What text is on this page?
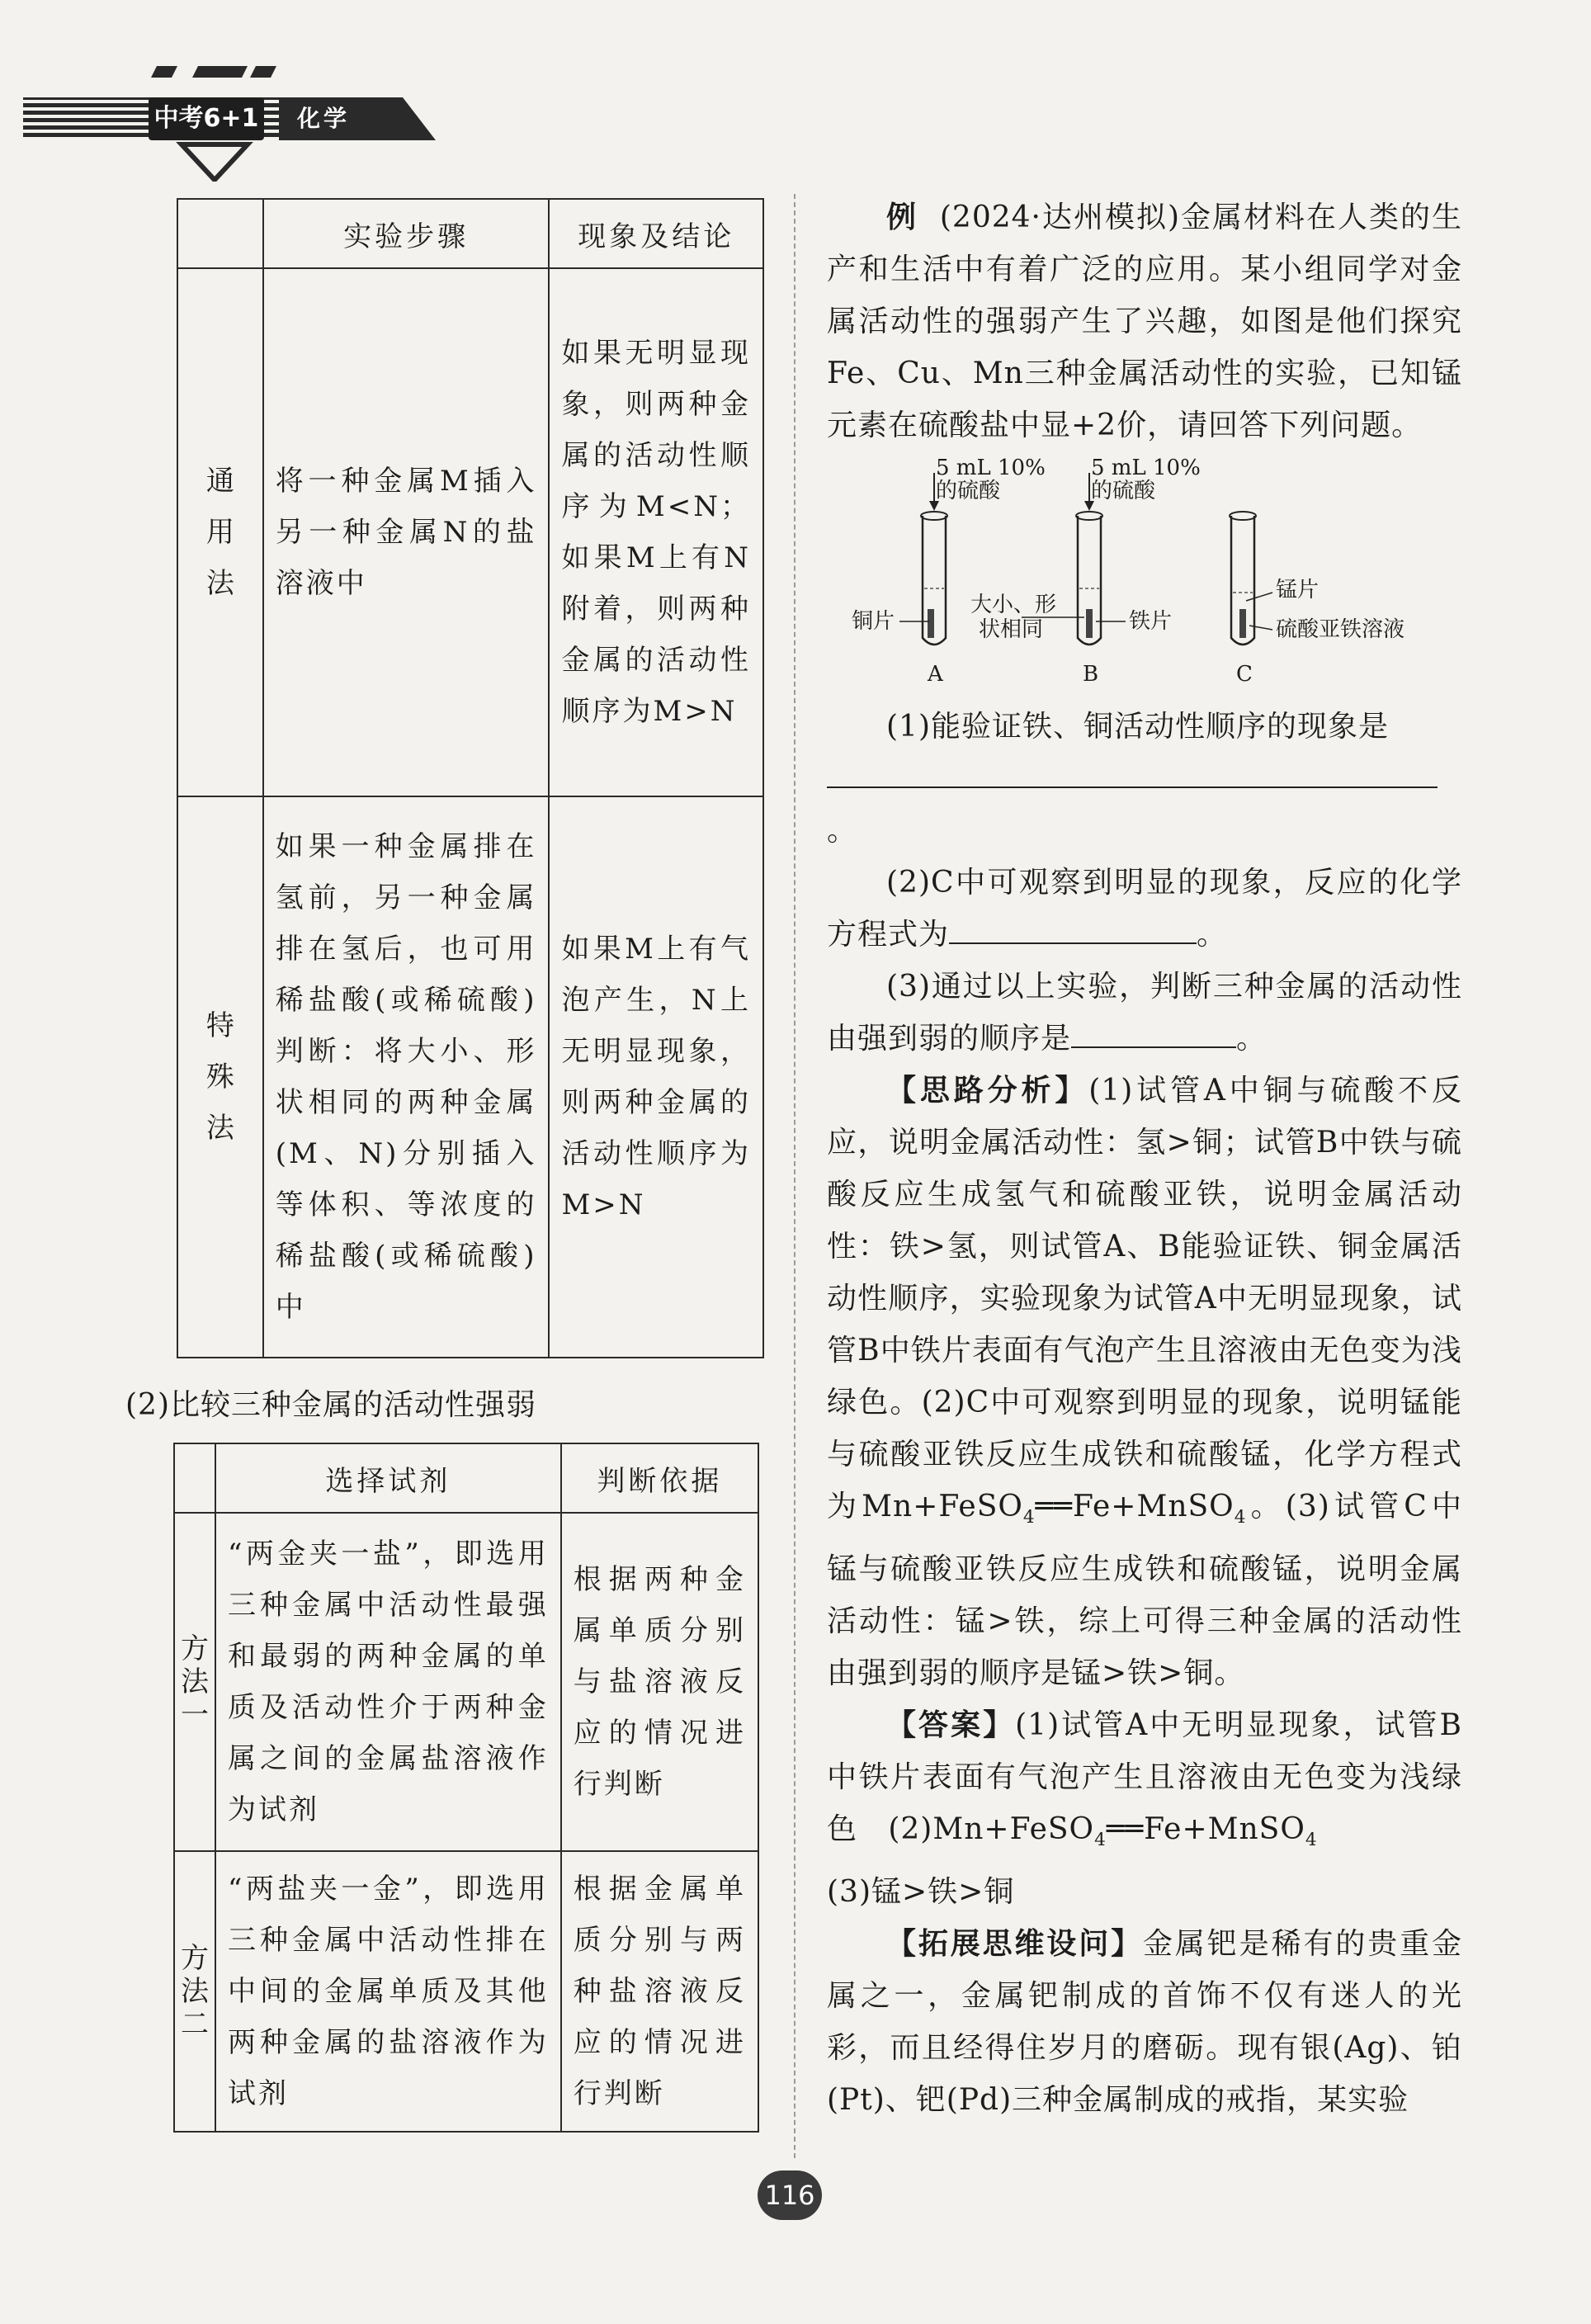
中考6+1 化学
	实验步骤	现象及结论

通用法	将一种金属M插入另一种金属N的盐溶液中	如果无明显现象，则两种金属的活动性顺序为M<N；如果M上有N附着，则两种金属的活动性顺序为M>N

特殊法	如果一种金属排在氢前，另一种金属排在氢后，也可用稀盐酸(或稀硫酸)判断：将大小、形状相同的两种金属(M、N)分别插入等体积、等浓度的稀盐酸(或稀硫酸)中	如果M上有气泡产生，N上无明显现象，则两种金属的活动性顺序为M>N
(2)比较三种金属的活动性强弱
	选择试剂	判断依据

方法一	“两金夹一盐”，即选用三种金属中活动性最强和最弱的两种金属的单质及活动性介于两种金属之间的金属盐溶液作为试剂	根据两种金属单质分别与盐溶液反应的情况进行判断

方法二	“两盐夹一金”，即选用三种金属中活动性排在中间的金属单质及其他两种金属的盐溶液作为试剂	根据金属单质分别与两种盐溶液反应的情况进行判断

例 (2024·达州模拟)金属材料在人类的生产和生活中有着广泛的应用。某小组同学对金属活动性的强弱产生了兴趣，如图是他们探究Fe、Cu、Mn三种金属活动性的实验，已知锰元素在硫酸盐中显+2价，请回答下列问题。

5 mL 10%
的硫酸
5 mL 10%
的硫酸
铜片
大小、形
状相同	铁片
锰片
硫酸亚铁溶液
A	B	C

(1)能验证铁、铜活动性顺序的现象是

。

(2)C中可观察到明显的现象，反应的化学方程式为	。

(3)通过以上实验，判断三种金属的活动性由强到弱的顺序是	。

【思路分析】(1)试管A中铜与硫酸不反应，说明金属活动性：氢>铜；试管B中铁与硫酸反应生成氢气和硫酸亚铁，说明金属活动性：铁>氢，则试管A、B能验证铁、铜金属活动性顺序，实验现象为试管A中无明显现象，试管B中铁片表面有气泡产生且溶液由无色变为浅绿色。(2)C中可观察到明显的现象，说明锰能与硫酸亚铁反应生成铁和硫酸锰，化学方程式为Mn+FeSO$_4$══Fe+MnSO$_4$。(3)试管C中锰与硫酸亚铁反应生成铁和硫酸锰，说明金属活动性：锰>铁，综上可得三种金属的活动性由强到弱的顺序是锰>铁>铜。

【答案】(1)试管A中无明显现象，试管B中铁片表面有气泡产生且溶液由无色变为浅绿色 (2)Mn+FeSO$_4$══Fe+MnSO$_4$

(3)锰>铁>铜

【拓展思维设问】金属钯是稀有的贵重金属之一，金属钯制成的首饰不仅有迷人的光彩，而且经得住岁月的磨砺。现有银(Ag)、铂(Pt)、钯(Pd)三种金属制成的戒指，某实验

116
